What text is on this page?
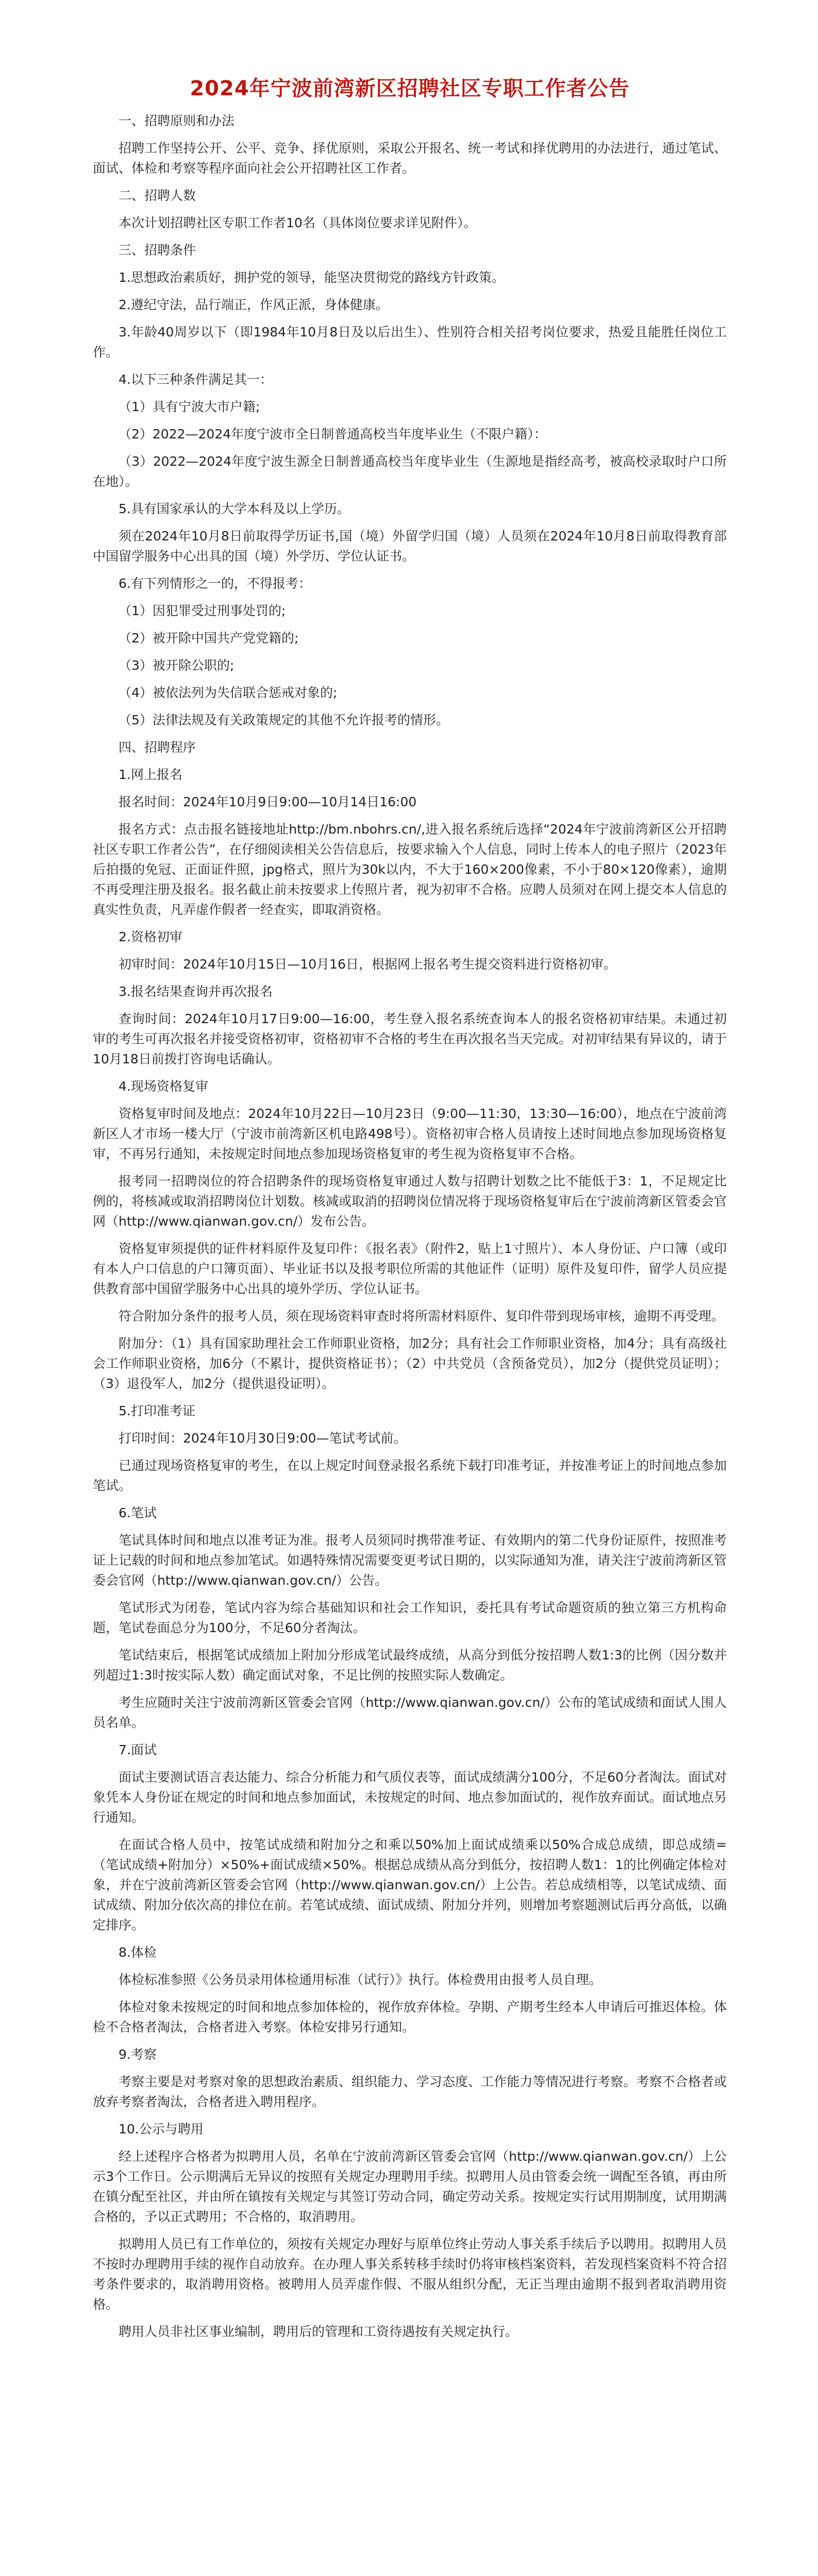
2024年宁波前湾新区招聘社区专职工作者公告

一、招聘原则和办法

招聘工作坚持公开、公平、竞争、择优原则，采取公开报名、统一考试和择优聘用的办法进行，通过笔试、面试、体检和考察等程序面向社会公开招聘社区工作者。

二、招聘人数

本次计划招聘社区专职工作者10名（具体岗位要求详见附件）。

三、招聘条件

1.思想政治素质好，拥护党的领导，能坚决贯彻党的路线方针政策。

2.遵纪守法，品行端正，作风正派，身体健康。

3.年龄40周岁以下（即1984年10月8日及以后出生）、性别符合相关招考岗位要求，热爱且能胜任岗位工作。

4.以下三种条件满足其一：

（1）具有宁波大市户籍;

（2）2022—2024年度宁波市全日制普通高校当年度毕业生（不限户籍）：

（3）2022—2024年度宁波生源全日制普通高校当年度毕业生（生源地是指经高考，被高校录取时户口所在地）。

5.具有国家承认的大学本科及以上学历。

须在2024年10月8日前取得学历证书,国（境）外留学归国（境）人员须在2024年10月8日前取得教育部中国留学服务中心出具的国（境）外学历、学位认证书。

6.有下列情形之一的，不得报考：

（1）因犯罪受过刑事处罚的;

（2）被开除中国共产党党籍的;

（3）被开除公职的;

（4）被依法列为失信联合惩戒对象的;

（5）法律法规及有关政策规定的其他不允许报考的情形。

四、招聘程序

1.网上报名

报名时间：2024年10月9日9:00—10月14日16:00

报名方式：点击报名链接地址http://bm.nbohrs.cn/,进入报名系统后选择“2024年宁波前湾新区公开招聘社区专职工作者公告”，在仔细阅读相关公告信息后，按要求输入个人信息，同时上传本人的电子照片（2023年后拍摄的免冠、正面证件照，jpg格式，照片为30k以内，不大于160×200像素，不小于80×120像素），逾期不再受理注册及报名。报名截止前未按要求上传照片者，视为初审不合格。应聘人员须对在网上提交本人信息的真实性负责，凡弄虚作假者一经查实，即取消资格。

2.资格初审

初审时间：2024年10月15日—10月16日，根据网上报名考生提交资料进行资格初审。

3.报名结果查询并再次报名

查询时间：2024年10月17日9:00—16:00，考生登入报名系统查询本人的报名资格初审结果。未通过初审的考生可再次报名并接受资格初审，资格初审不合格的考生在再次报名当天完成。对初审结果有异议的，请于10月18日前拨打咨询电话确认。

4.现场资格复审

资格复审时间及地点：2024年10月22日—10月23日（9:00—11:30，13:30—16:00），地点在宁波前湾新区人才市场一楼大厅（宁波市前湾新区机电路498号）。资格初审合格人员请按上述时间地点参加现场资格复审，不再另行通知，未按规定时间地点参加现场资格复审的考生视为资格复审不合格。

报考同一招聘岗位的符合招聘条件的现场资格复审通过人数与招聘计划数之比不能低于3：1，不足规定比例的，将核减或取消招聘岗位计划数。核减或取消的招聘岗位情况将于现场资格复审后在宁波前湾新区管委会官网（http://www.qianwan.gov.cn/）发布公告。

资格复审须提供的证件材料原件及复印件：《报名表》（附件2，贴上1寸照片）、本人身份证、户口簿（或印有本人户口信息的户口簿页面）、毕业证书以及报考职位所需的其他证件（证明）原件及复印件，留学人员应提供教育部中国留学服务中心出具的境外学历、学位认证书。

符合附加分条件的报考人员，须在现场资料审查时将所需材料原件、复印件带到现场审核，逾期不再受理。

附加分：（1）具有国家助理社会工作师职业资格，加2分；具有社会工作师职业资格，加4分；具有高级社会工作师职业资格，加6分（不累计，提供资格证书）；（2）中共党员（含预备党员），加2分（提供党员证明）；（3）退役军人，加2分（提供退役证明）。

5.打印准考证

打印时间：2024年10月30日9:00—笔试考试前。

已通过现场资格复审的考生，在以上规定时间登录报名系统下载打印准考证，并按准考证上的时间地点参加笔试。

6.笔试

笔试具体时间和地点以准考证为准。报考人员须同时携带准考证、有效期内的第二代身份证原件，按照准考证上记载的时间和地点参加笔试。如遇特殊情况需要变更考试日期的，以实际通知为准，请关注宁波前湾新区管委会官网（http://www.qianwan.gov.cn/）公告。

笔试形式为闭卷，笔试内容为综合基础知识和社会工作知识，委托具有考试命题资质的独立第三方机构命题，笔试卷面总分为100分，不足60分者淘汰。

笔试结束后，根据笔试成绩加上附加分形成笔试最终成绩，从高分到低分按招聘人数1:3的比例（因分数并列超过1:3时按实际人数）确定面试对象，不足比例的按照实际人数确定。

考生应随时关注宁波前湾新区管委会官网（http://www.qianwan.gov.cn/）公布的笔试成绩和面试人围人员名单。

7.面试

面试主要测试语言表达能力、综合分析能力和气质仪表等，面试成绩满分100分，不足60分者淘汰。面试对象凭本人身份证在规定的时间和地点参加面试，未按规定的时间、地点参加面试的，视作放弃面试。面试地点另行通知。

在面试合格人员中，按笔试成绩和附加分之和乘以50%加上面试成绩乘以50%合成总成绩，即总成绩=（笔试成绩+附加分）×50%+面试成绩×50%。根据总成绩从高分到低分，按招聘人数1：1的比例确定体检对象，并在宁波前湾新区管委会官网（http://www.qianwan.gov.cn/）上公告。若总成绩相等，以笔试成绩、面试成绩、附加分依次高的排位在前。若笔试成绩、面试成绩、附加分并列，则增加考察题测试后再分高低，以确定排序。

8.体检

体检标准参照《公务员录用体检通用标准（试行）》执行。体检费用由报考人员自理。

体检对象未按规定的时间和地点参加体检的，视作放弃体检。孕期、产期考生经本人申请后可推迟体检。体检不合格者淘汰，合格者进入考察。体检安排另行通知。

9.考察

考察主要是对考察对象的思想政治素质、组织能力、学习态度、工作能力等情况进行考察。考察不合格者或放弃考察者淘汰，合格者进入聘用程序。

10.公示与聘用

经上述程序合格者为拟聘用人员，名单在宁波前湾新区管委会官网（http://www.qianwan.gov.cn/）上公示3个工作日。公示期满后无异议的按照有关规定办理聘用手续。拟聘用人员由管委会统一调配至各镇，再由所在镇分配至社区，并由所在镇按有关规定与其签订劳动合同，确定劳动关系。按规定实行试用期制度，试用期满合格的，予以正式聘用；不合格的，取消聘用。

拟聘用人员已有工作单位的，须按有关规定办理好与原单位终止劳动人事关系手续后予以聘用。拟聘用人员不按时办理聘用手续的视作自动放弃。在办理人事关系转移手续时仍将审核档案资料，若发现档案资料不符合招考条件要求的，取消聘用资格。被聘用人员弄虚作假、不服从组织分配，无正当理由逾期不报到者取消聘用资格。

聘用人员非社区事业编制，聘用后的管理和工资待遇按有关规定执行。
